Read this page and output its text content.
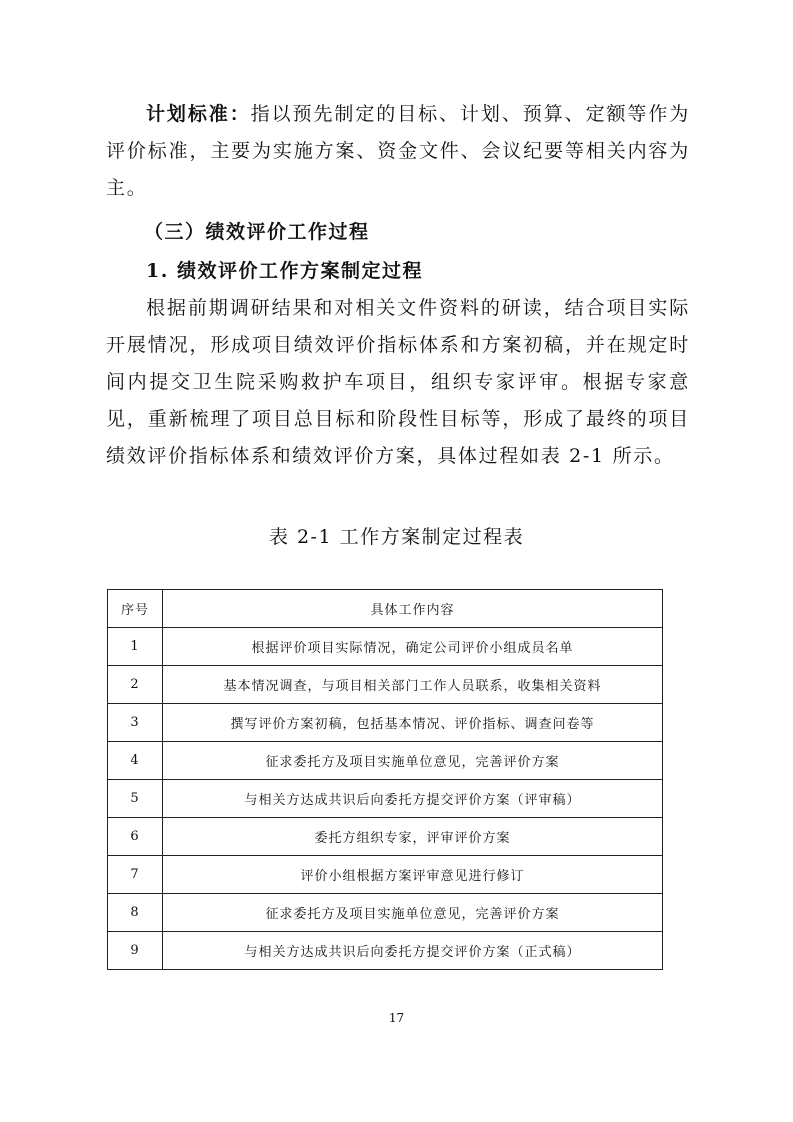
计划标准：指以预先制定的目标、计划、预算、定额等作为评价标准，主要为实施方案、资金文件、会议纪要等相关内容为主。

（三）绩效评价工作过程
1. 绩效评价工作方案制定过程

根据前期调研结果和对相关文件资料的研读，结合项目实际开展情况，形成项目绩效评价指标体系和方案初稿，并在规定时间内提交卫生院采购救护车项目，组织专家评审。根据专家意见，重新梳理了项目总目标和阶段性目标等，形成了最终的项目绩效评价指标体系和绩效评价方案，具体过程如表 2-1 所示。

表 2-1 工作方案制定过程表
序号	具体工作内容
1	根据评价项目实际情况，确定公司评价小组成员名单
2	基本情况调查，与项目相关部门工作人员联系，收集相关资料
3	撰写评价方案初稿，包括基本情况、评价指标、调查问卷等
4	征求委托方及项目实施单位意见，完善评价方案
5	与相关方达成共识后向委托方提交评价方案（评审稿）
6	委托方组织专家，评审评价方案
7	评价小组根据方案评审意见进行修订
8	征求委托方及项目实施单位意见，完善评价方案
9	与相关方达成共识后向委托方提交评价方案（正式稿）
17
